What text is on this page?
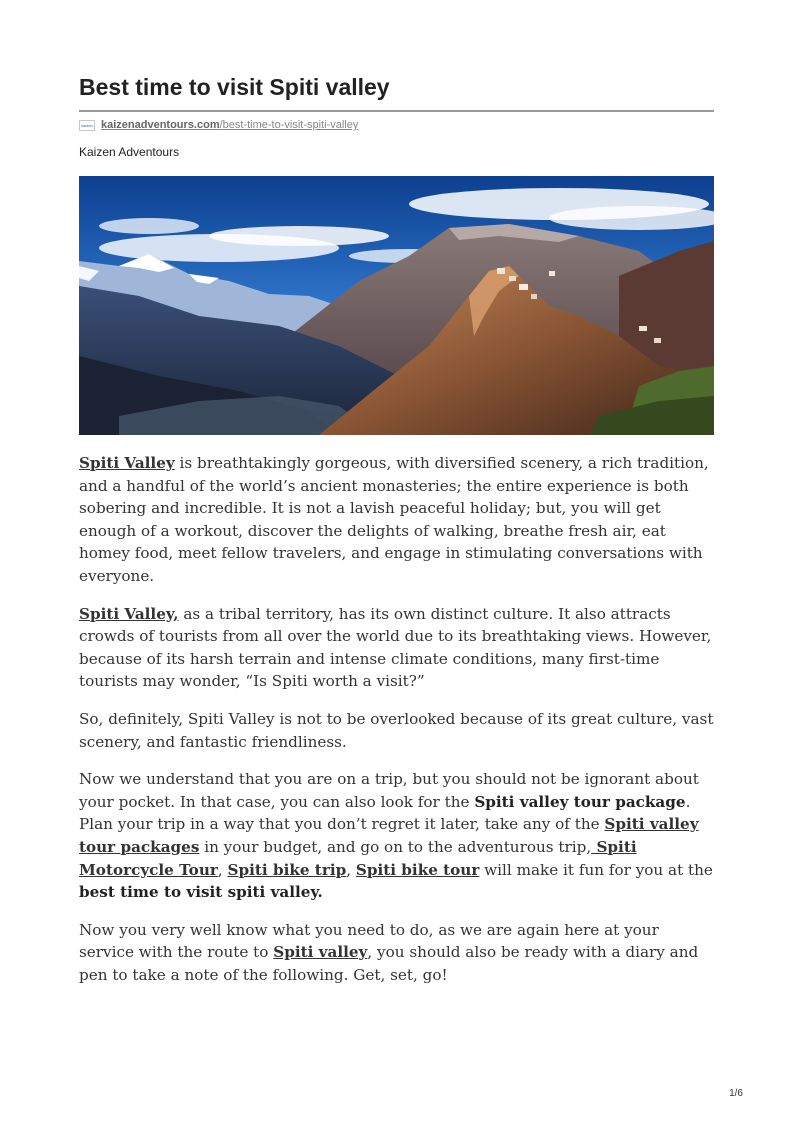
Best time to visit Spiti valley
kaizen kaizenadventours.com/best-time-to-visit-spiti-valley
Kaizen Adventours

Spiti Valley is breathtakingly gorgeous, with diversified scenery, a rich tradition, and a handful of the world’s ancient monasteries; the entire experience is both sobering and incredible. It is not a lavish peaceful holiday; but, you will get enough of a workout, discover the delights of walking, breathe fresh air, eat homey food, meet fellow travelers, and engage in stimulating conversations with everyone.

Spiti Valley, as a tribal territory, has its own distinct culture. It also attracts crowds of tourists from all over the world due to its breathtaking views. However, because of its harsh terrain and intense climate conditions, many first-time tourists may wonder, “Is Spiti worth a visit?”

So, definitely, Spiti Valley is not to be overlooked because of its great culture, vast scenery, and fantastic friendliness.

Now we understand that you are on a trip, but you should not be ignorant about your pocket. In that case, you can also look for the Spiti valley tour package. Plan your trip in a way that you don’t regret it later, take any of the Spiti valley tour packages in your budget, and go on to the adventurous trip, Spiti Motorcycle Tour, Spiti bike trip, Spiti bike tour will make it fun for you at the best time to visit spiti valley.

Now you very well know what you need to do, as we are again here at your service with the route to Spiti valley, you should also be ready with a diary and pen to take a note of the following. Get, set, go!

1/6
